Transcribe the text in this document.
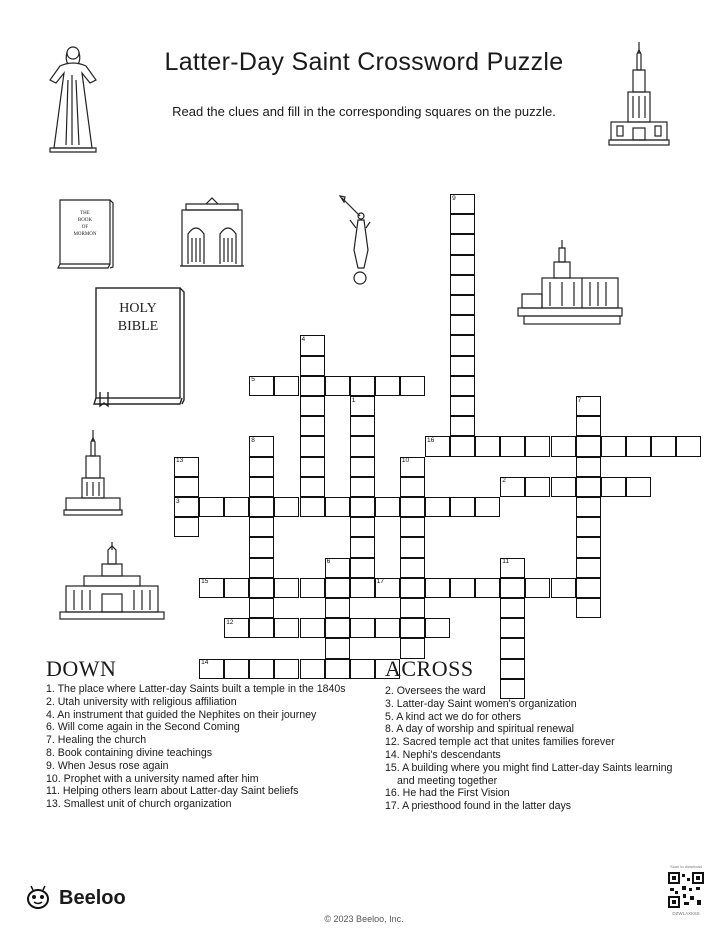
Latter-Day Saint Crossword Puzzle

Read the clues and fill in the corresponding squares on the puzzle.

THE
BOOK
OF
MORMON
HOLY
BIBLE
1
2
3
4
5
6
7
8
9
10
11
12
13
14
15
16
17
DOWN
1. The place where Latter-day Saints built a temple in the 1840s
2. Utah university with religious affiliation
4. An instrument that guided the Nephites on their journey
6. Will come again in the Second Coming
7. Healing the church
8. Book containing divine teachings
9. When Jesus rose again
10. Prophet with a university named after him
11. Helping others learn about Latter-day Saint beliefs
13. Smallest unit of church organization
ACROSS
2. Oversees the ward
3. Latter-day Saint women's organization
5. A kind act we do for others
8. A day of worship and spiritual renewal
12. Sacred temple act that unites families forever
14. Nephi's descendants
15. A building where you might find Latter-day Saints learning and meeting together
16. He had the First Vision
17. A priesthood found in the latter days
Beeloo
© 2023 Beeloo, Inc.
Scan to download
DZWLAXK6S
